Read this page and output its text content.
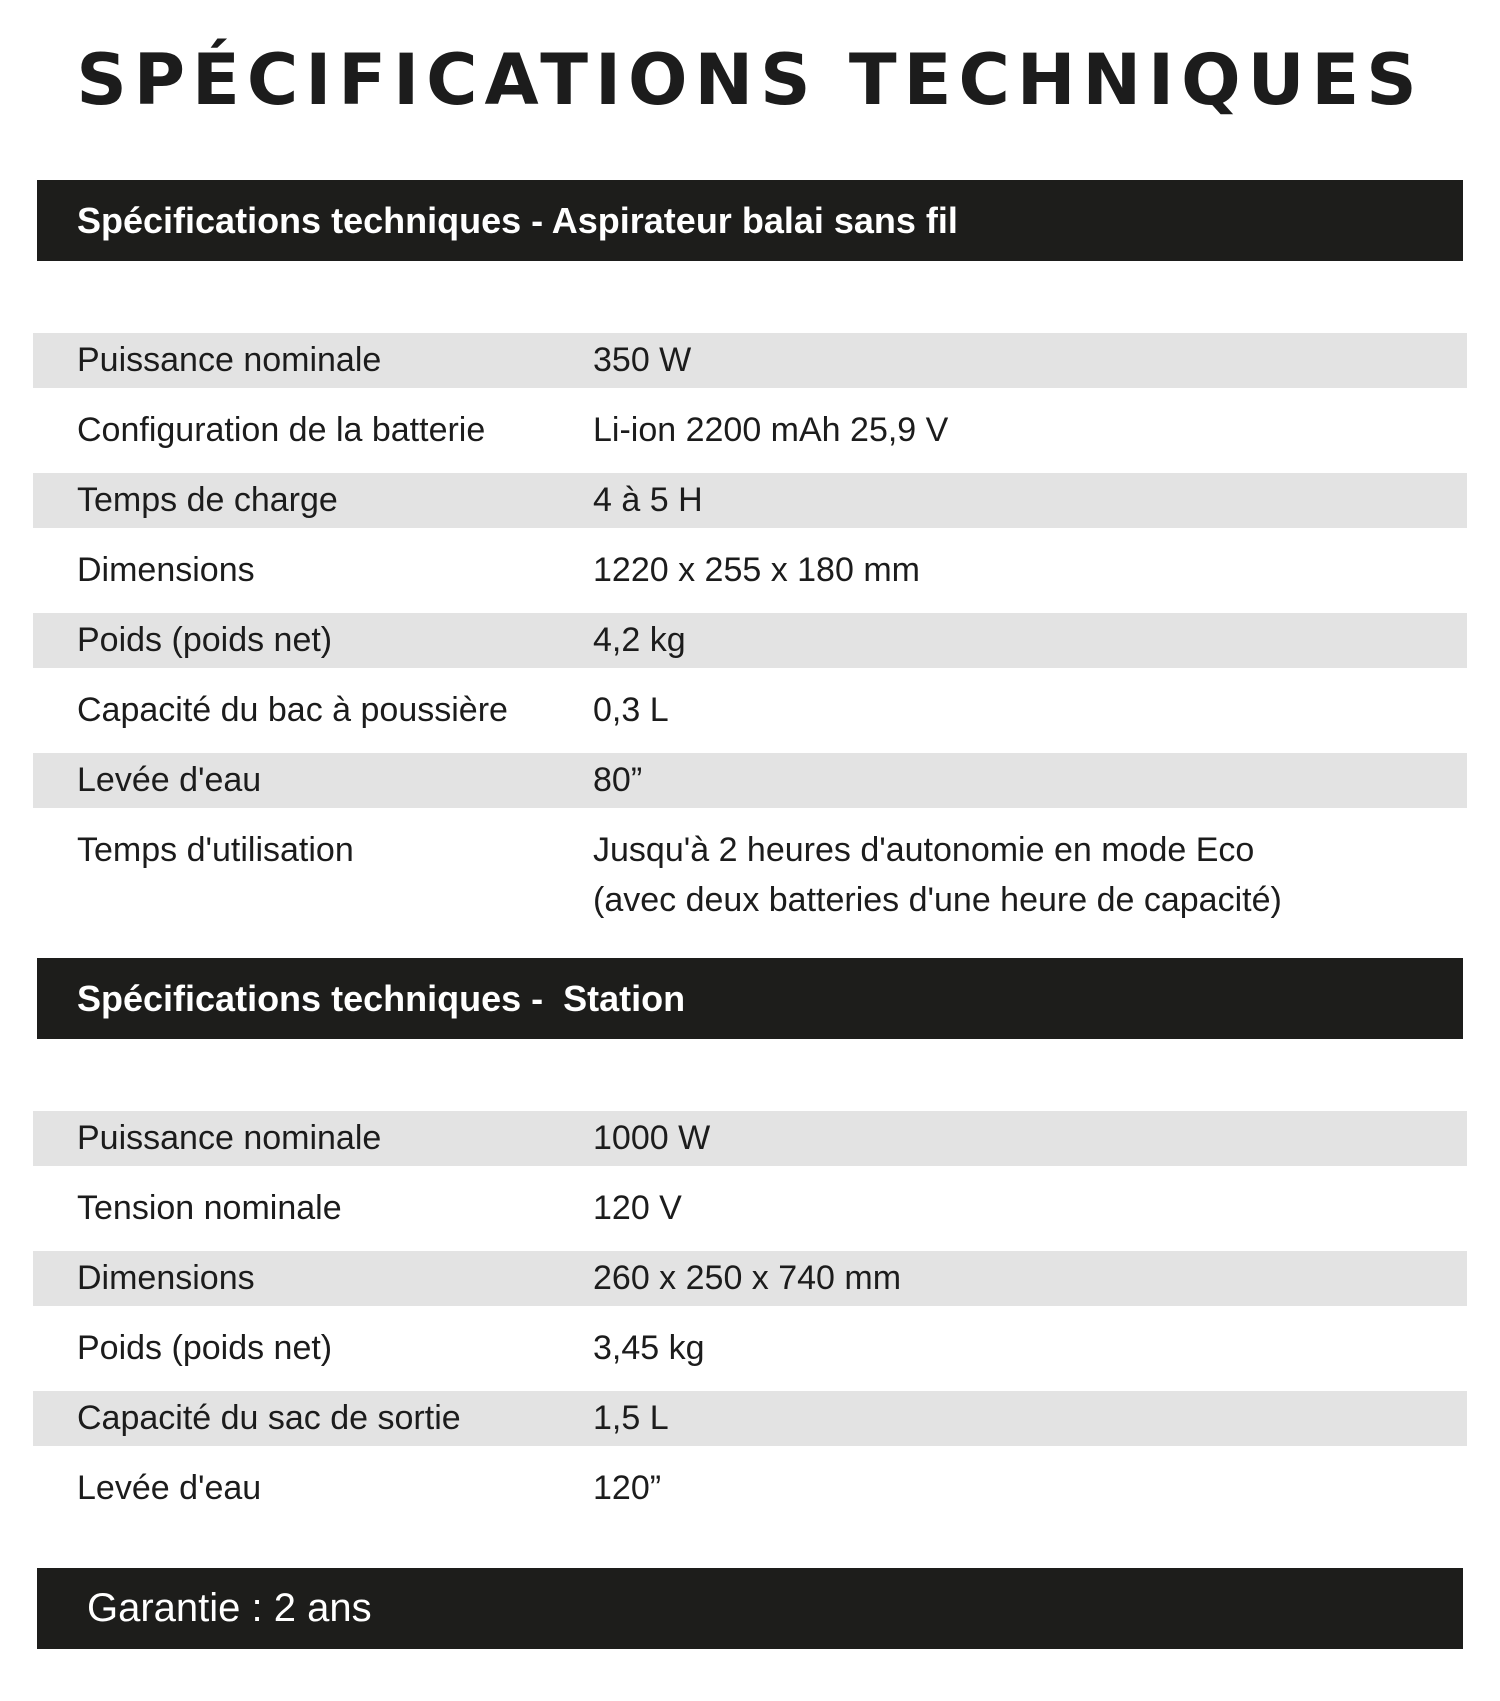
SPÉCIFICATIONS TECHNIQUES
Spécifications techniques - Aspirateur balai sans fil
Puissance nominale	350 W
Configuration de la batterie	Li-ion 2200 mAh 25,9 V
Temps de charge	4 à 5 H
Dimensions	1220 x 255 x 180 mm
Poids (poids net)	4,2 kg
Capacité du bac à poussière	0,3 L
Levée d'eau	80”
Temps d'utilisation	Jusqu'à 2 heures d'autonomie en mode Eco
(avec deux batteries d'une heure de capacité)
Spécifications techniques -  Station
Puissance nominale	1000 W
Tension nominale	120 V
Dimensions	260 x 250 x 740 mm
Poids (poids net)	3,45 kg
Capacité du sac de sortie	1,5 L
Levée d'eau	120”
Garantie : 2 ans
